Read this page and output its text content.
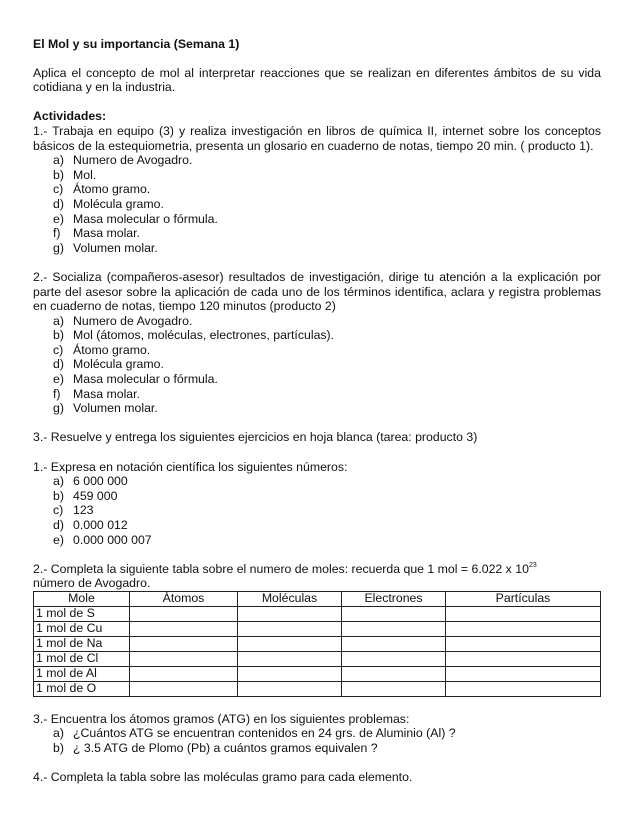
El Mol y su importancia (Semana 1)

Aplica el concepto de mol al interpretar reacciones que se realizan en diferentes ámbitos de su vida cotidiana y en la industria.

Actividades:

1.- Trabaja en equipo (3) y realiza investigación en libros de química II, internet sobre los conceptos básicos de la estequiometria, presenta un glosario en cuaderno de notas, tiempo 20 min. ( producto 1).

a) Numero de Avogadro.
b) Mol.
c) Átomo gramo.
d) Molécula gramo.
e) Masa molecular o fórmula.
f)	Masa molar.
g) Volumen molar.

2.- Socializa (compañeros-asesor) resultados de investigación, dirige tu atención a la explicación por parte del asesor sobre la aplicación de cada uno de los términos identifica, aclara y registra problemas en cuaderno de notas, tiempo 120 minutos (producto 2)

a) Numero de Avogadro.
b) Mol (átomos, moléculas, electrones, partículas).
c) Átomo gramo.
d) Molécula gramo.
e) Masa molecular o fórmula.
f)	Masa molar.
g) Volumen molar.

3.- Resuelve y entrega los siguientes ejercicios en hoja blanca (tarea: producto 3)

1.- Expresa en notación científica los siguientes números:

a) 6 000 000
b) 459 000
c) 123
d) 0.000 012
e) 0.000 000 007

2.- Completa la siguiente tabla sobre el numero de moles: recuerda que 1 mol = 6.022 x $10^{23}$

número de Avogadro.

Mole	Átomos	Moléculas	Electrones	Partículas
1 mol de S				
1 mol de Cu				
1 mol de Na				
1 mol de Cl				
1 mol de Al				
1 mol de O				

3.- Encuentra los átomos gramos (ATG) en los siguientes problemas:

a) ¿Cuántos ATG se encuentran contenidos en 24 grs. de Aluminio (Al) ?
b) ¿ 3.5 ATG de Plomo (Pb) a cuántos gramos equivalen ?

4.- Completa la tabla sobre las moléculas gramo para cada elemento.
